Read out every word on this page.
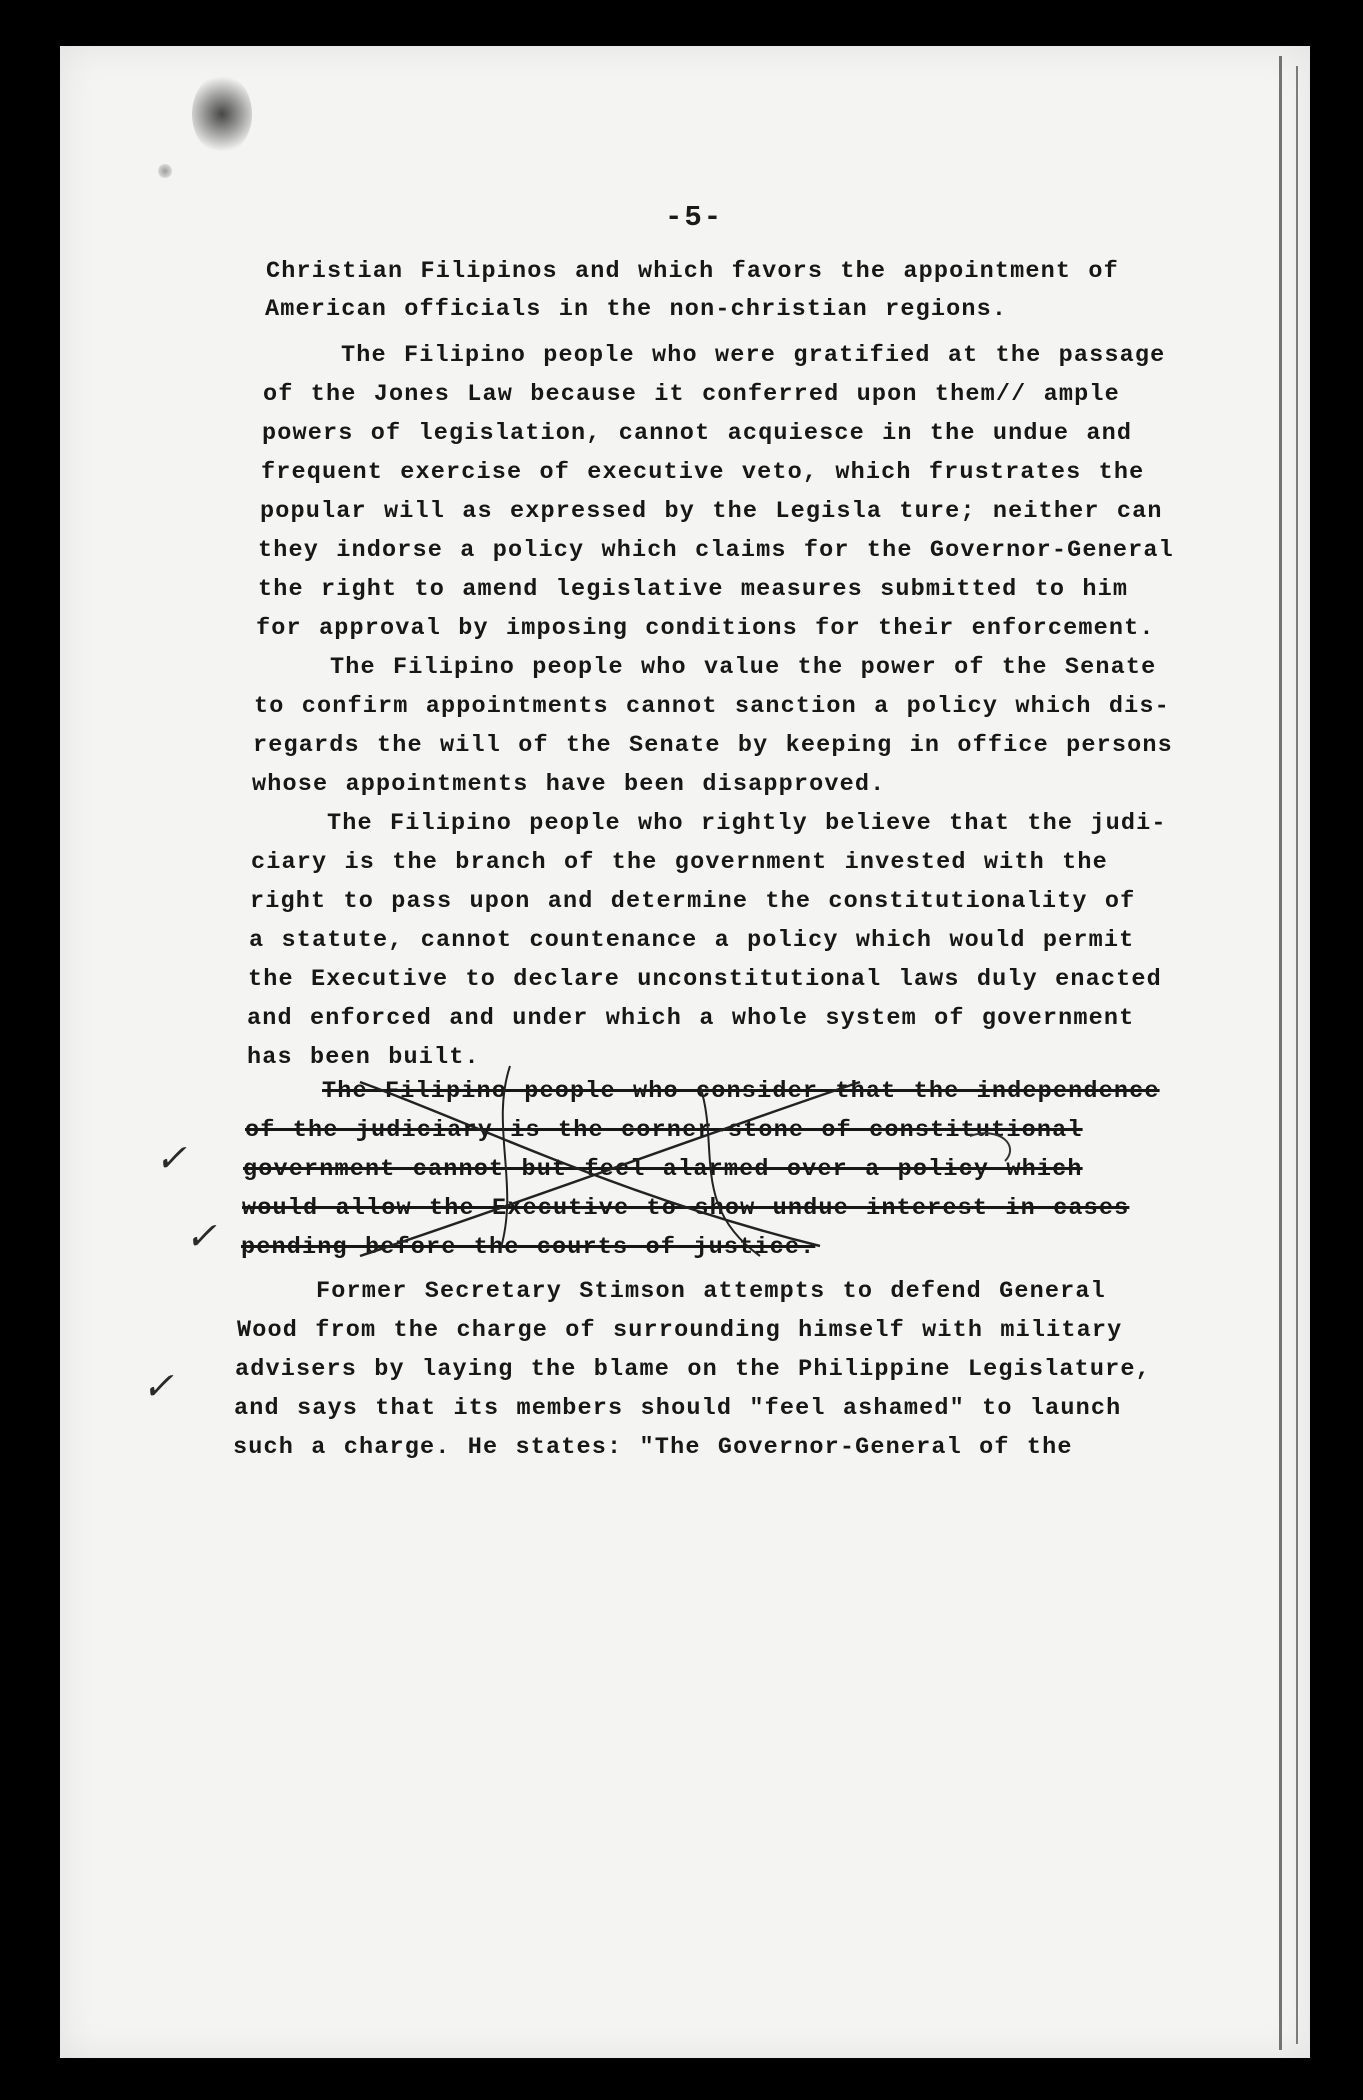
-5-
Christian Filipinos and which favors the appointment of
American officials in the non-christian regions.
The Filipino people who were gratified at the passage
of the Jones Law because it conferred upon them// ample
powers of legislation, cannot acquiesce in the undue and
frequent exercise of executive veto, which frustrates the
popular will as expressed by the Legisla ture; neither can
they indorse a policy which claims for the Governor-General
the right to amend legislative measures submitted to him
for approval by imposing conditions for their enforcement.
The Filipino people who value the power of the Senate
to confirm appointments cannot sanction a policy which dis-
regards the will of the Senate by keeping in office persons
whose appointments have been disapproved.
The Filipino people who rightly believe that the judi-
ciary is the branch of the government invested with the
right to pass upon and determine the constitutionality of
a statute, cannot countenance a policy which would permit
the Executive to declare unconstitutional laws duly enacted
and enforced and under which a whole system of government
has been built.
The Filipino people who consider that the independence
of the judiciary is the corner-stone of constitutional
government cannot but feel alarmed over a policy which
would allow the Executive to show undue interest in cases
pending before the courts of justice.
Former Secretary Stimson attempts to defend General
Wood from the charge of surrounding himself with military
advisers by laying the blame on the Philippine Legislature,
and says that its members should "feel ashamed" to launch
such a charge. He states: "The Governor-General of the
✓
✓
✓
